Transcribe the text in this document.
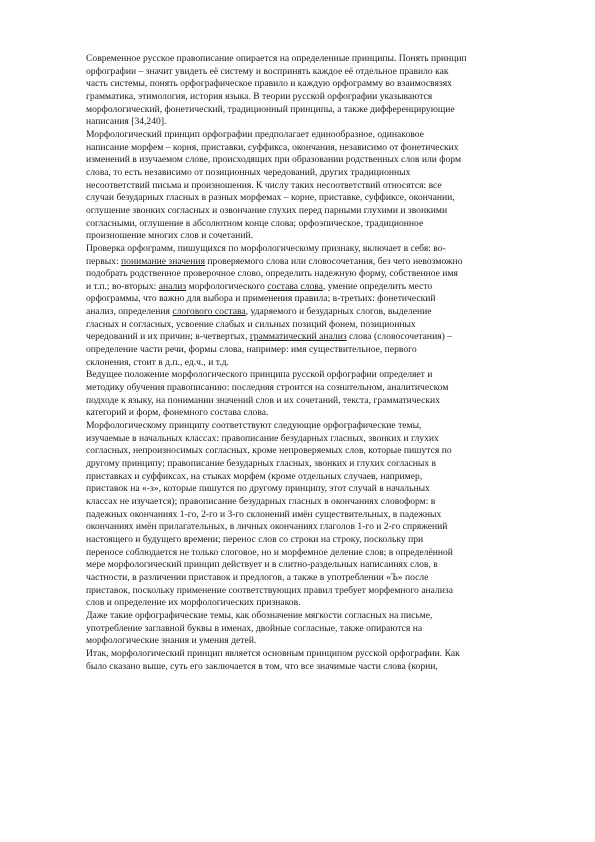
Современное русское правописание опирается на определенные принципы. Понять принцип
орфографии – значит увидеть её систему и воспринять каждое её отдельное правило как
часть системы, понять орфографическое правило и каждую орфограмму во взаимосвязях
грамматика, этимология, история языка. В теории русской орфографии указываются
морфологический, фонетический, традиционный принципы, а также дифференцирующие
написания [34,240].
Морфологический принцип орфографии предполагает единообразное, одинаковое
написание морфем – корня, приставки, суффикса, окончания, независимо от фонетических
изменений в изучаемом слове, происходящих при образовании родственных слов или форм
слова, то есть независимо от позиционных чередований, других традиционных
несоответствий письма и произношения. К числу таких несоответствий относятся: все
случаи безударных гласных в разных морфемах – корне, приставке, суффиксе, окончании,
оглушение звонких согласных и озвончание глухих перед парными глухими и звонкими
согласными, оглушение в абсолютном конце слова; орфоэпическое, традиционное
произношение многих слов и сочетаний.
Проверка орфограмм, пишущихся по морфологическому признаку, включает в себя: во-
первых: понимание значения проверяемого слова или словосочетания, без чего невозможно
подобрать родственное проверочное слово, определить надежную форму, собственное имя
и т.п.; во-вторых: анализ морфологического состава слова, умение определить место
орфограммы, что важно для выбора и применения правила; в-третьих: фонетический
анализ, определения слогового состава, ударяемого и безударных слогов, выделение
гласных и согласных, усвоение слабых и сильных позиций фонем, позиционных
чередований и их причин; в-четвертых, грамматический анализ слова (словосочетания) –
определение части речи, формы слова, например: имя существительное, первого
склонения, стоит в д.п., ед.ч., и т.д.
Ведущее положение морфологического принципа русской орфографии определяет и
методику обучения правописанию: последняя строится на сознательном, аналитическом
подходе к языку, на понимании значений слов и их сочетаний, текста, грамматических
категорий и форм, фонемного состава слова.
Морфологическому принципу соответствуют следующие орфографические темы,
изучаемые в начальных классах: правописание безударных гласных, звонких и глухих
согласных, непроизносимых согласных, кроме непроверяемых слов, которые пишутся по
другому принципу; правописание безударных гласных, звонких и глухих согласных в
приставках и суффиксах, на стыках морфем (кроме отдельных случаев, например,
приставок на «-з», которые пишутся по другому принципу, этот случай в начальных
классах не изучается); правописание безударных гласных в окончаниях словоформ: в
падежных окончаниях 1-го, 2-го и 3-го склонений имён существительных, в падежных
окончаниях имён прилагательных, в личных окончаниях глаголов 1-го и 2-го спряжений
настоящего и будущего времени; перенос слов со строки на строку, поскольку при
переносе соблюдается не только слоговое, но и морфемное деление слов; в определённой
мере морфологический принцип действует и в слитно-раздельных написаниях слов, в
частности, в различении приставок и предлогов, а также в употреблении «Ъ» после
приставок, поскольку применение соответствующих правил требует морфемного анализа
слов и определение их морфологических признаков.
Даже такие орфографические темы, как обозначение мягкости согласных на письме,
употребление заглавной буквы в именах, двойные согласные, также опираются на
морфологические знания и умения детей.
Итак, морфологический принцип является основным принципом русской орфографии. Как
было сказано выше, суть его заключается в том, что все значимые части слова (корни,
